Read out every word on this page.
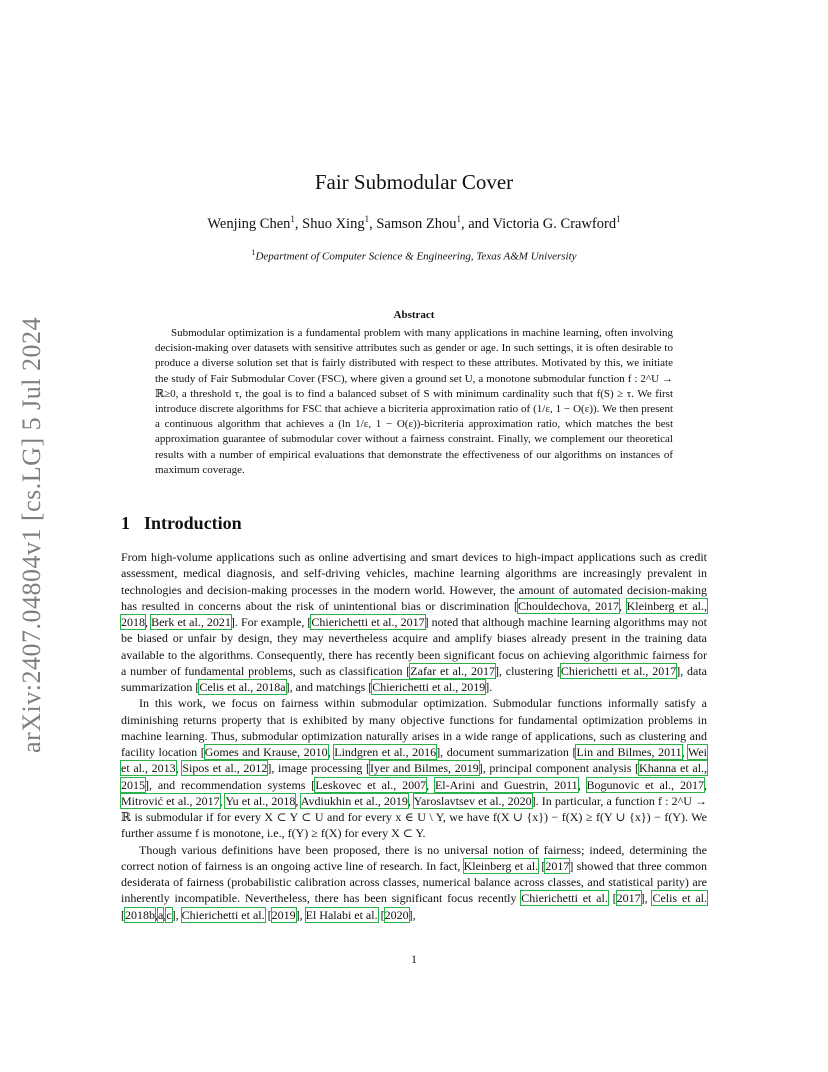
arXiv:2407.04804v1 [cs.LG] 5 Jul 2024
Fair Submodular Cover
Wenjing Chen$^1$, Shuo Xing$^1$, Samson Zhou$^1$, and Victoria G. Crawford$^1$
$^1$Department of Computer Science & Engineering, Texas A&M University
Abstract
Submodular optimization is a fundamental problem with many applications in machine learning, often involving decision-making over datasets with sensitive attributes such as gender or age. In such settings, it is often desirable to produce a diverse solution set that is fairly distributed with respect to these attributes. Motivated by this, we initiate the study of Fair Submodular Cover (FSC), where given a ground set U, a monotone submodular function f : 2^U → ℝ≥0, a threshold τ, the goal is to find a balanced subset of S with minimum cardinality such that f(S) ≥ τ. We first introduce discrete algorithms for FSC that achieve a bicriteria approximation ratio of (1/ε, 1 − O(ε)). We then present a continuous algorithm that achieves a (ln 1/ε, 1 − O(ε))-bicriteria approximation ratio, which matches the best approximation guarantee of submodular cover without a fairness constraint. Finally, we complement our theoretical results with a number of empirical evaluations that demonstrate the effectiveness of our algorithms on instances of maximum coverage.
1 Introduction

From high-volume applications such as online advertising and smart devices to high-impact applications such as credit assessment, medical diagnosis, and self-driving vehicles, machine learning algorithms are increasingly prevalent in technologies and decision-making processes in the modern world. However, the amount of automated decision-making has resulted in concerns about the risk of unintentional bias or discrimination [Chouldechova, 2017, Kleinberg et al., 2018, Berk et al., 2021]. For example, [Chierichetti et al., 2017] noted that although machine learning algorithms may not be biased or unfair by design, they may nevertheless acquire and amplify biases already present in the training data available to the algorithms. Consequently, there has recently been significant focus on achieving algorithmic fairness for a number of fundamental problems, such as classification [Zafar et al., 2017], clustering [Chierichetti et al., 2017], data summarization [Celis et al., 2018a], and matchings [Chierichetti et al., 2019].

In this work, we focus on fairness within submodular optimization. Submodular functions informally satisfy a diminishing returns property that is exhibited by many objective functions for fundamental optimization problems in machine learning. Thus, submodular optimization naturally arises in a wide range of applications, such as clustering and facility location [Gomes and Krause, 2010, Lindgren et al., 2016], document summarization [Lin and Bilmes, 2011, Wei et al., 2013, Sipos et al., 2012], image processing [Iyer and Bilmes, 2019], principal component analysis [Khanna et al., 2015], and recommendation systems [Leskovec et al., 2007, El-Arini and Guestrin, 2011, Bogunovic et al., 2017, Mitrović et al., 2017, Yu et al., 2018, Avdiukhin et al., 2019, Yaroslavtsev et al., 2020]. In particular, a function f : 2^U → ℝ is submodular if for every X ⊂ Y ⊂ U and for every x ∈ U \ Y, we have f(X ∪ {x}) − f(X) ≥ f(Y ∪ {x}) − f(Y). We further assume f is monotone, i.e., f(Y) ≥ f(X) for every X ⊂ Y.

Though various definitions have been proposed, there is no universal notion of fairness; indeed, determining the correct notion of fairness is an ongoing active line of research. In fact, Kleinberg et al. [2017] showed that three common desiderata of fairness (probabilistic calibration across classes, numerical balance across classes, and statistical parity) are inherently incompatible. Nevertheless, there has been significant focus recently Chierichetti et al. [2017], Celis et al. [2018b,a,c], Chierichetti et al. [2019], El Halabi et al. [2020],

1
